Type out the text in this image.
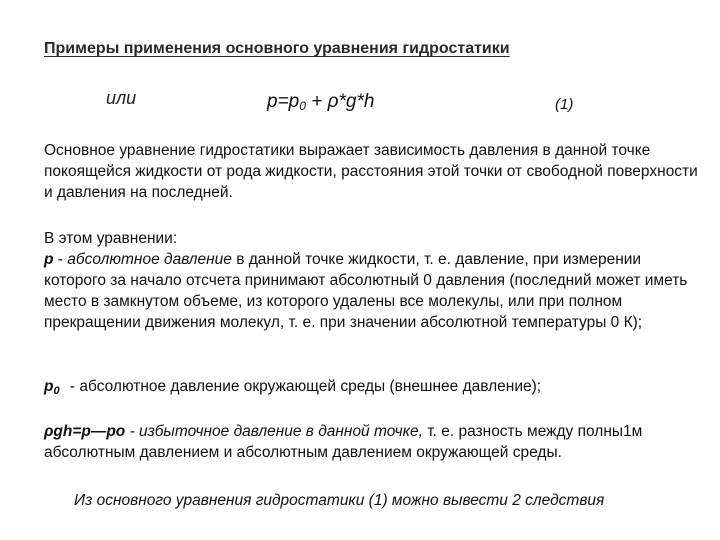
Примеры применения основного уравнения гидростатики
или	$p=p_0 + \rho*g*h$	(1)
Основное уравнение гидростатики выражает зависимость давления в данной точке покоящейся жидкости от рода жидкости, расстояния этой точки от свободной поверхности и давления на последней.
В этом уравнении:
p - абсолютное давление в данной точке жидкости, т. е. давление, при измерении которого за начало отсчета принимают абсолютный 0 давления (последний может иметь место в замкнутом объеме, из которого удалены все молекулы, или при полном прекращении движения молекул, т. е. при значении абсолютной температуры 0 К);
$p_0$ - абсолютное давление окружающей среды (внешнее давление);
ρgh=p—po - избыточное давление в данной точке, т. е. разность между полны1м абсолютным давлением и абсолютным давлением окружающей среды.
Из основного уравнения гидростатики (1) можно вывести 2 следствия
